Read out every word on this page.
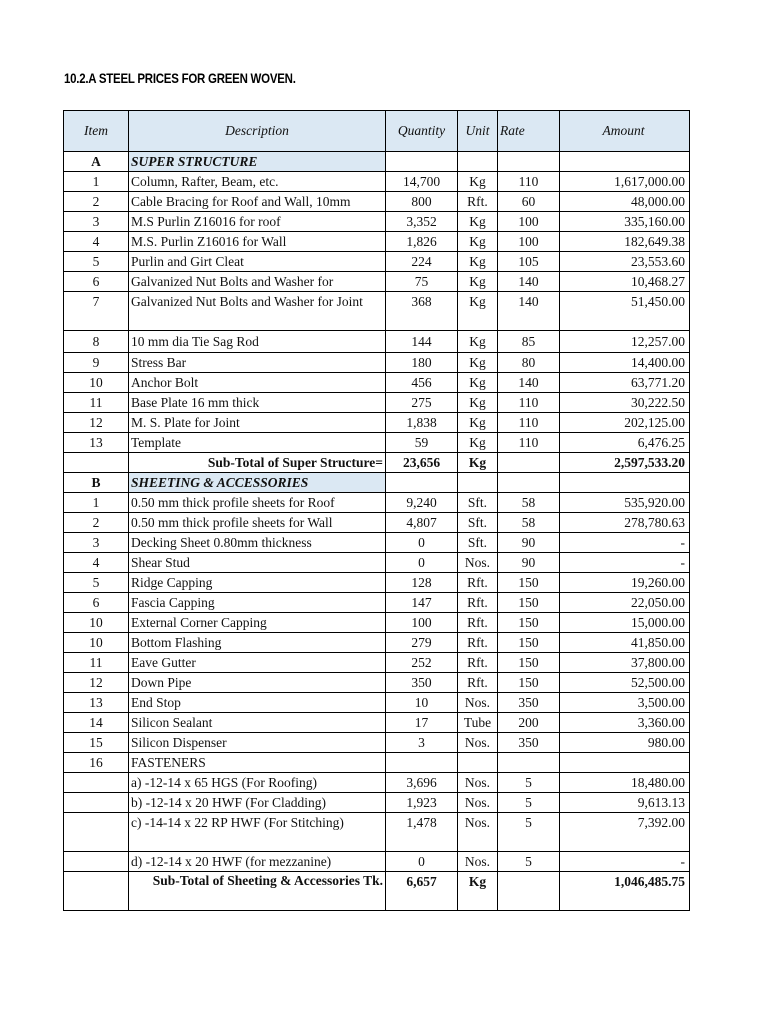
10.2.A STEEL PRICES FOR GREEN WOVEN.
Item	Description	Quantity	Unit	Rate	Amount
A	SUPER STRUCTURE				
1	Column, Rafter, Beam, etc.	14,700	Kg	110	1,617,000.00
2	Cable Bracing for Roof and Wall, 10mm	800	Rft.	60	48,000.00
3	M.S Purlin Z16016 for roof	3,352	Kg	100	335,160.00
4	M.S. Purlin Z16016 for Wall	1,826	Kg	100	182,649.38
5	Purlin and Girt Cleat	224	Kg	105	23,553.60
6	Galvanized Nut Bolts and Washer for	75	Kg	140	10,468.27
7	Galvanized Nut Bolts and Washer for Joint	368	Kg	140	51,450.00
8	10 mm dia Tie Sag Rod	144	Kg	85	12,257.00
9	Stress Bar	180	Kg	80	14,400.00
10	Anchor Bolt	456	Kg	140	63,771.20
11	Base Plate 16 mm thick	275	Kg	110	30,222.50
12	M. S. Plate for Joint	1,838	Kg	110	202,125.00
13	Template	59	Kg	110	6,476.25
	Sub-Total of Super Structure=	23,656	Kg		2,597,533.20
B	SHEETING & ACCESSORIES				
1	0.50 mm thick profile sheets for Roof	9,240	Sft.	58	535,920.00
2	0.50 mm thick profile sheets for Wall	4,807	Sft.	58	278,780.63
3	Decking Sheet 0.80mm thickness	0	Sft.	90	-
4	Shear Stud	0	Nos.	90	-
5	Ridge Capping	128	Rft.	150	19,260.00
6	Fascia Capping	147	Rft.	150	22,050.00
10	External Corner Capping	100	Rft.	150	15,000.00
10	Bottom Flashing	279	Rft.	150	41,850.00
11	Eave Gutter	252	Rft.	150	37,800.00
12	Down Pipe	350	Rft.	150	52,500.00
13	End Stop	10	Nos.	350	3,500.00
14	Silicon Sealant	17	Tube	200	3,360.00
15	Silicon Dispenser	3	Nos.	350	980.00
16	FASTENERS				
	a) -12-14 x 65 HGS (For Roofing)	3,696	Nos.	5	18,480.00
	b) -12-14 x 20 HWF (For Cladding)	1,923	Nos.	5	9,613.13
	c) -14-14 x 22 RP HWF (For Stitching)	1,478	Nos.	5	7,392.00
	d) -12-14 x 20 HWF (for mezzanine)	0	Nos.	5	-
	Sub-Total of Sheeting & Accessories Tk.	6,657	Kg		1,046,485.75
